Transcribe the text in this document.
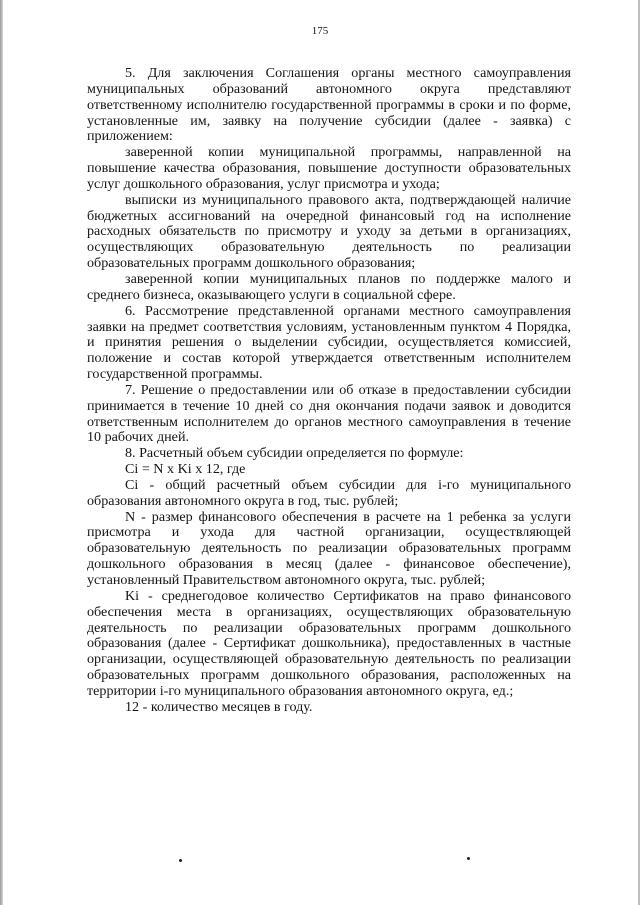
175

5. Для заключения Соглашения органы местного самоуправления муниципальных образований автономного округа представляют ответственному исполнителю государственной программы в сроки и по форме, установленные им, заявку на получение субсидии (далее - заявка) с приложением:

заверенной копии муниципальной программы, направленной на повышение качества образования, повышение доступности образовательных услуг дошкольного образования, услуг присмотра и ухода;

выписки из муниципального правового акта, подтверждающей наличие бюджетных ассигнований на очередной финансовый год на исполнение расходных обязательств по присмотру и уходу за детьми в организациях, осуществляющих образовательную деятельность по реализации образовательных программ дошкольного образования;

заверенной копии муниципальных планов по поддержке малого и среднего бизнеса, оказывающего услуги в социальной сфере.

6. Рассмотрение представленной органами местного самоуправления заявки на предмет соответствия условиям, установленным пунктом 4 Порядка, и принятия решения о выделении субсидии, осуществляется комиссией, положение и состав которой утверждается ответственным исполнителем государственной программы.

7. Решение о предоставлении или об отказе в предоставлении субсидии принимается в течение 10 дней со дня окончания подачи заявок и доводится ответственным исполнителем до органов местного самоуправления в течение 10 рабочих дней.

8. Расчетный объем субсидии определяется по формуле:

Ci = N x Ki x 12, где

Ci - общий расчетный объем субсидии для i-го муниципального образования автономного округа в год, тыс. рублей;

N - размер финансового обеспечения в расчете на 1 ребенка за услуги присмотра и ухода для частной организации, осуществляющей образовательную деятельность по реализации образовательных программ дошкольного образования в месяц (далее - финансовое обеспечение), установленный Правительством автономного округа, тыс. рублей;

Ki - среднегодовое количество Сертификатов на право финансового обеспечения места в организациях, осуществляющих образовательную деятельность по реализации образовательных программ дошкольного образования (далее - Сертификат дошкольника), предоставленных в частные организации, осуществляющей образовательную деятельность по реализации образовательных программ дошкольного образования, расположенных на территории i-го муниципального образования автономного округа, ед.;

12 - количество месяцев в году.
